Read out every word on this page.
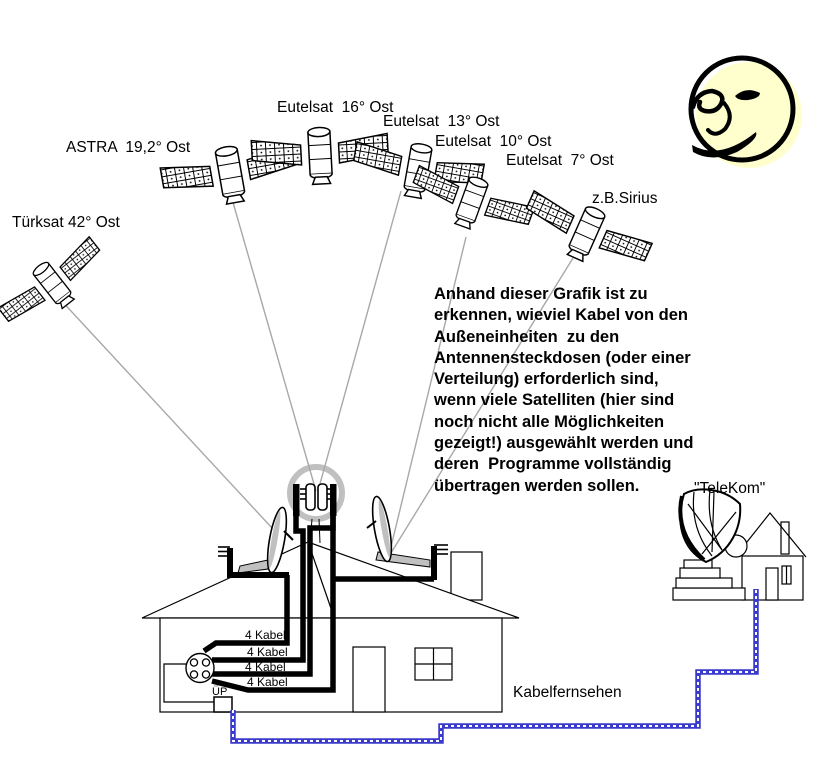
Türksat 42° Ost
ASTRA  19,2° Ost
Eutelsat  16° Ost
Eutelsat  13° Ost
Eutelsat  10° Ost
Eutelsat  7° Ost
z.B.Sirius
Anhand dieser Grafik ist zu
erkennen, wieviel Kabel von den
Außeneinheiten  zu den
Antennensteckdosen (oder einer
Verteilung) erforderlich sind,
wenn viele Satelliten (hier sind
noch nicht alle Möglichkeiten
gezeigt!) ausgewählt werden und
deren  Programme vollständig
übertragen werden sollen.
4 Kabel
4 Kabel
4 Kabel
4 Kabel
ÜP	Kabelfernsehen
"TeleKom"
